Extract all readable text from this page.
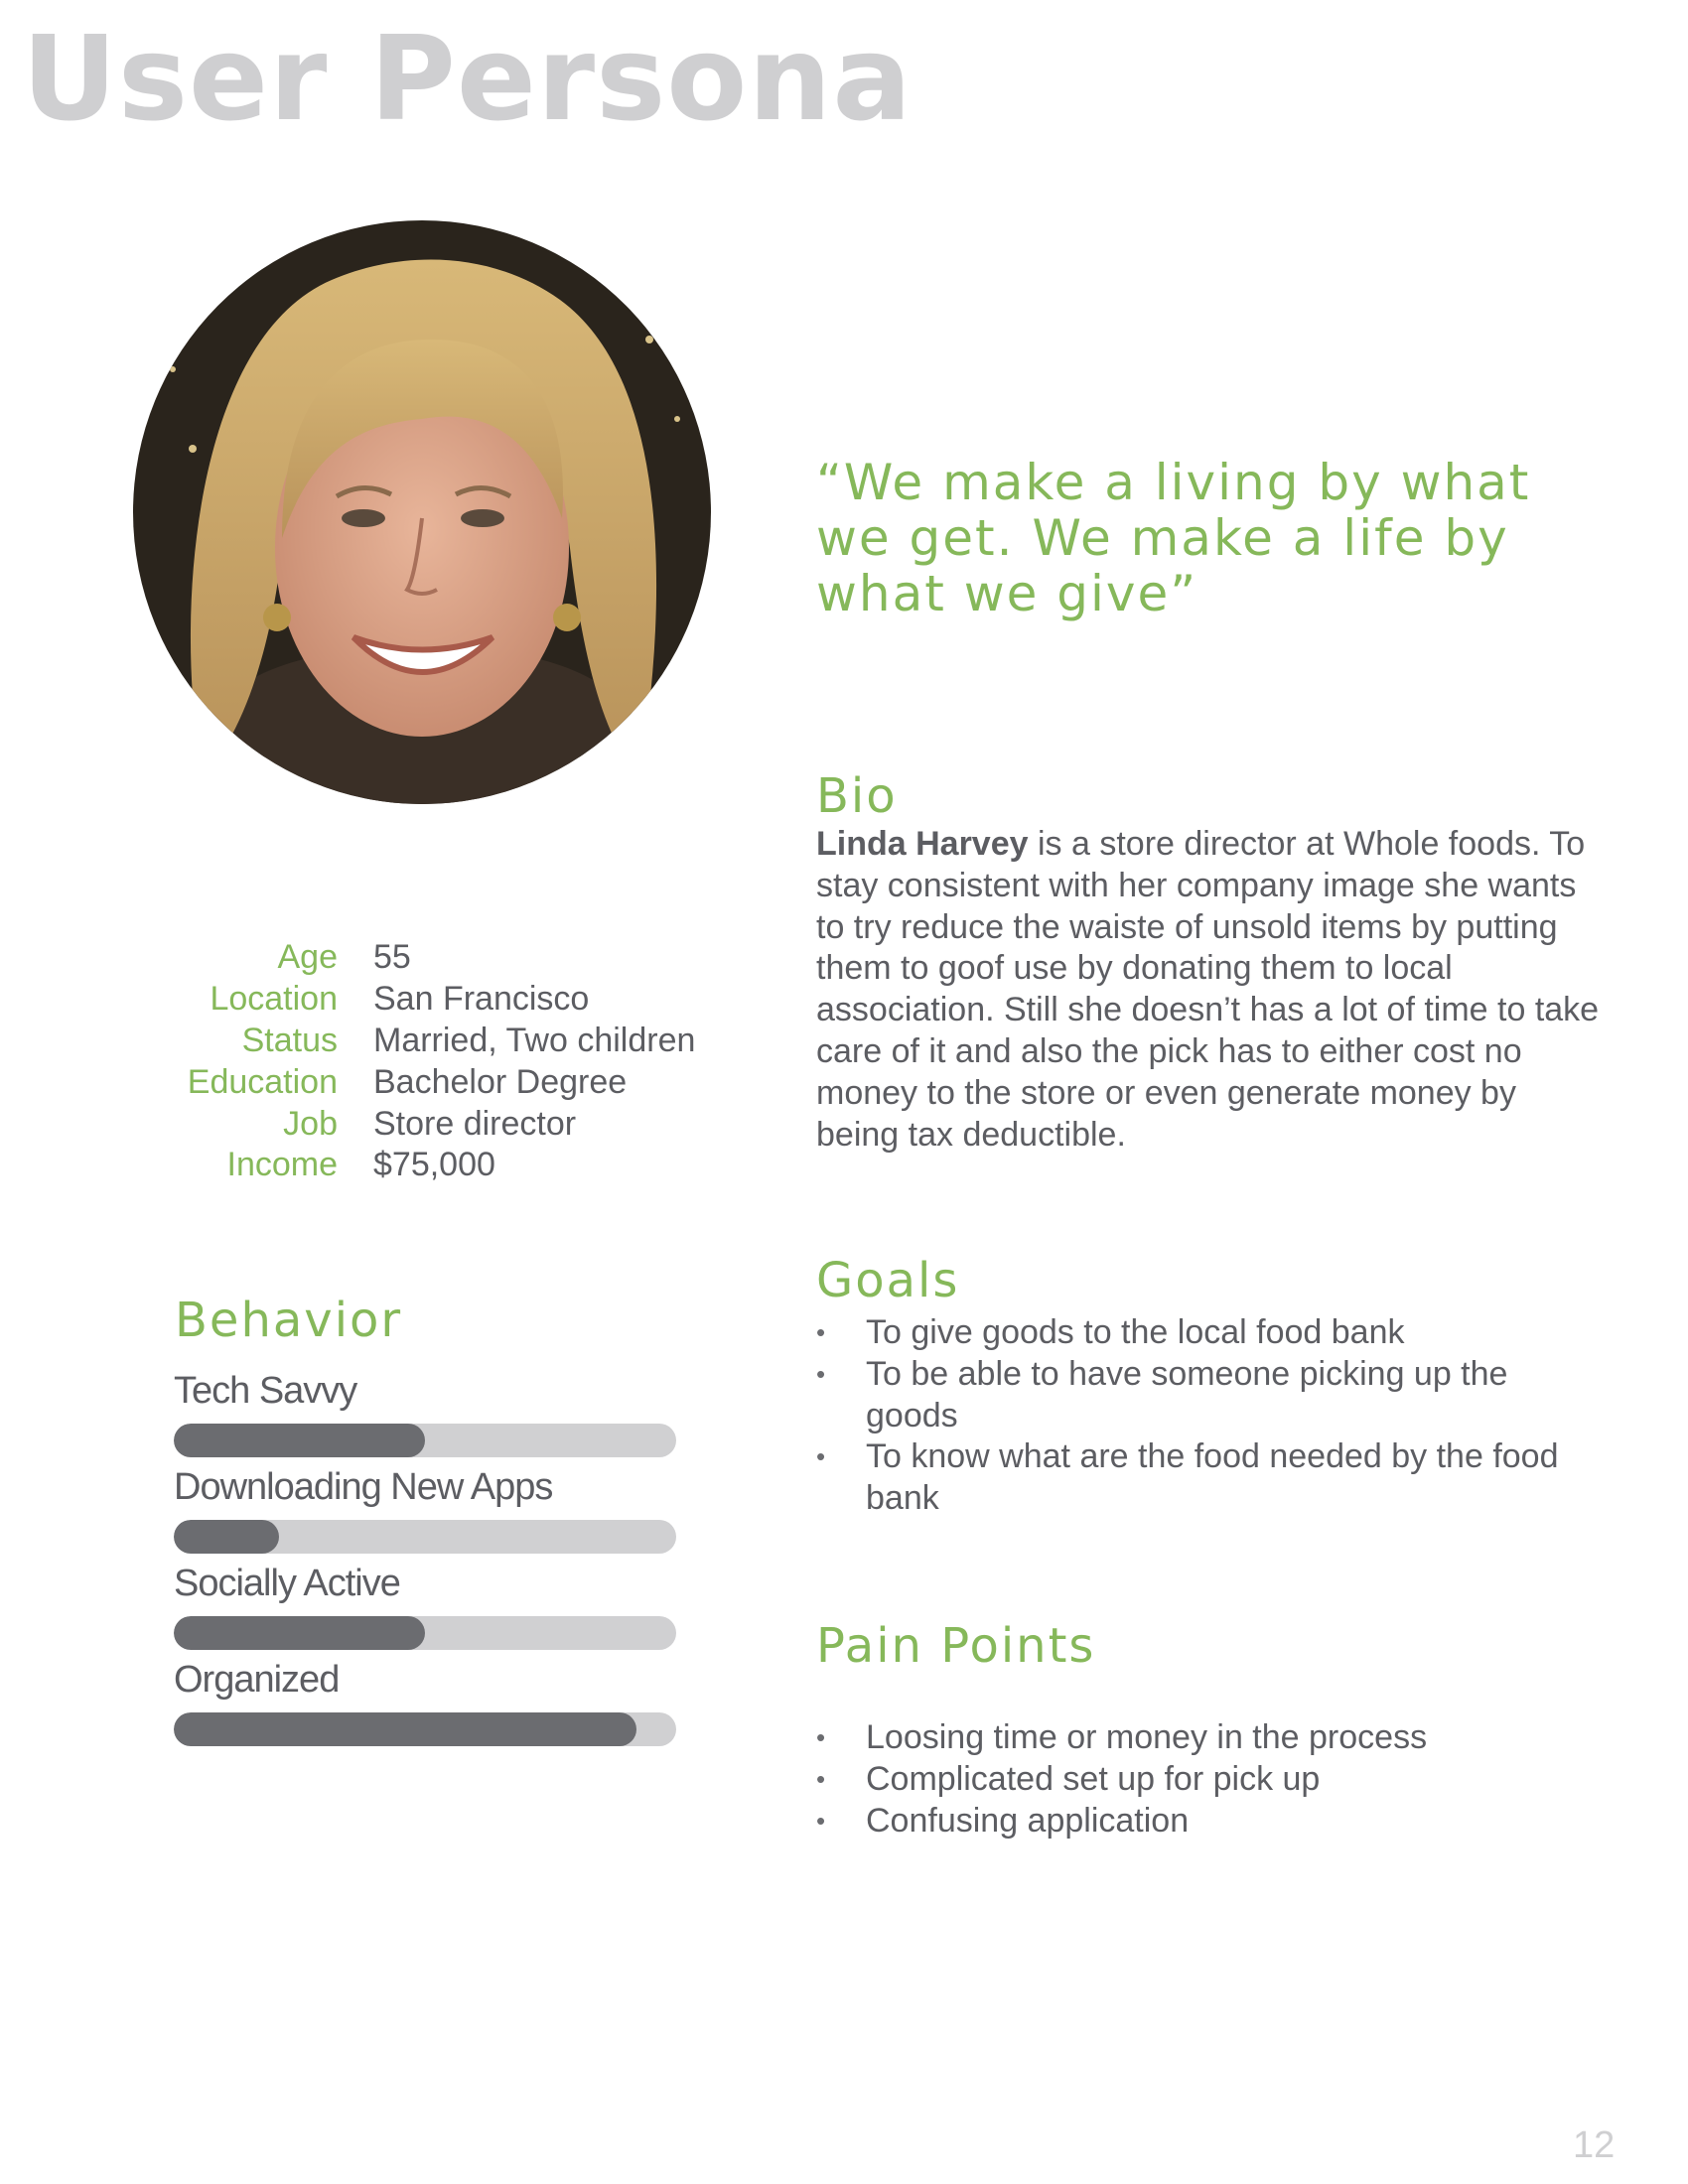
User Persona
“We make a living by what we get. We make a life by what we give”
Bio
Linda Harvey is a store director at Whole foods. To stay consistent with her company image she wants to try reduce the waiste of unsold items by putting them to goof use by donating them to local association. Still she doesn’t has a lot of time to take care of it and also the pick has to either cost no money to the store or even generate money by being tax deductible.
Age 55
Location San Francisco
Status Married, Two children
Education Bachelor Degree
Job Store director
Income $75,000
Behavior
Tech Savvy
Downloading New Apps
Socially Active
Organized
Goals
• To give goods to the local food bank
• To be able to have someone picking up the goods
• To know what are the food needed by the food bank
Pain Points
• Loosing time or money in the process
• Complicated set up for pick up
• Confusing application
12
